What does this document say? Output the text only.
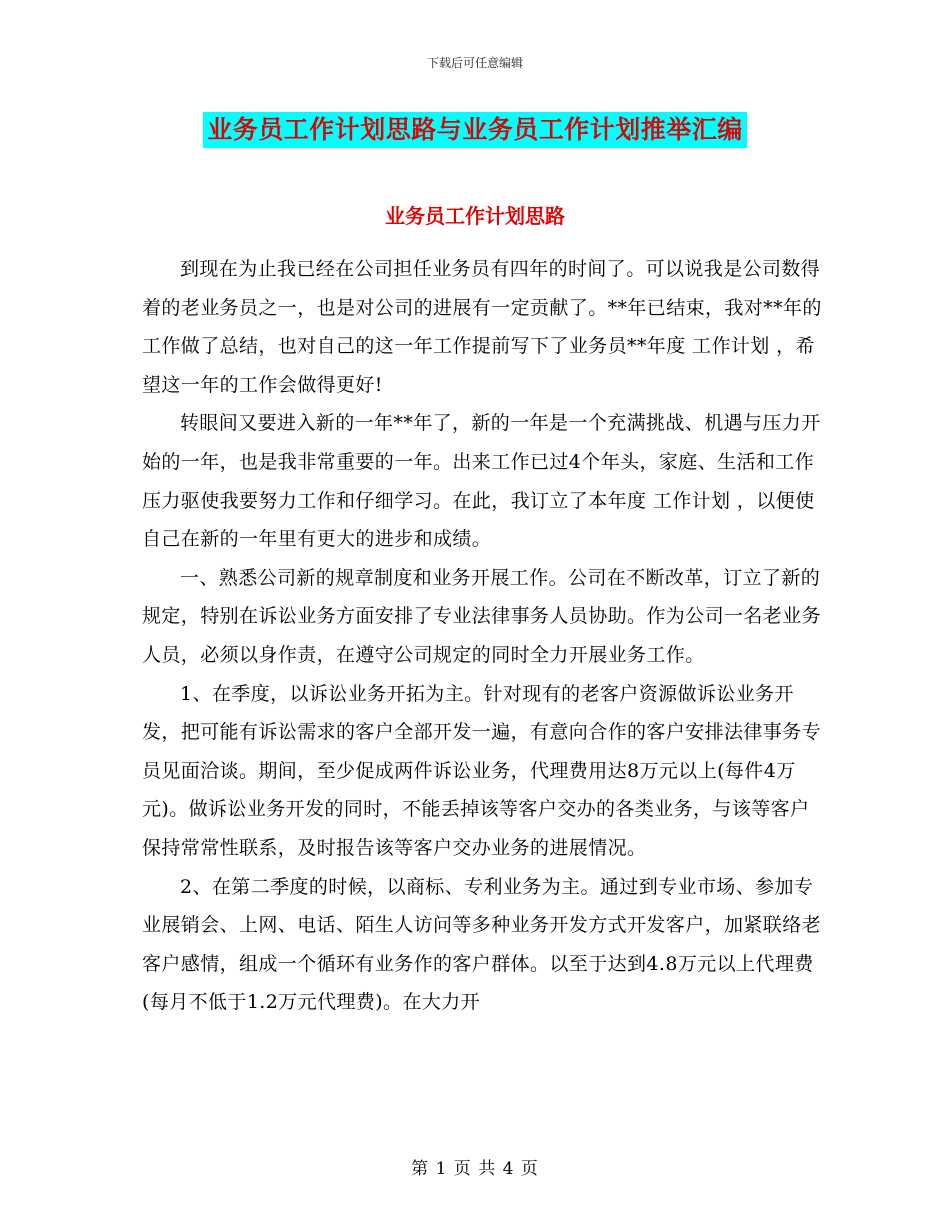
下载后可任意编辑
业务员工作计划思路与业务员工作计划推举汇编
业务员工作计划思路

到现在为止我已经在公司担任业务员有四年的时间了。可以说我是公司数得着的老业务员之一，也是对公司的进展有一定贡献了。**年已结束，我对**年的工作做了总结，也对自己的这一年工作提前写下了业务员**年度 工作计划 ，希望这一年的工作会做得更好!

转眼间又要进入新的一年**年了，新的一年是一个充满挑战、机遇与压力开始的一年，也是我非常重要的一年。出来工作已过4个年头，家庭、生活和工作压力驱使我要努力工作和仔细学习。在此，我订立了本年度 工作计划 ，以便使自己在新的一年里有更大的进步和成绩。

一、熟悉公司新的规章制度和业务开展工作。公司在不断改革，订立了新的规定，特别在诉讼业务方面安排了专业法律事务人员协助。作为公司一名老业务人员，必须以身作责，在遵守公司规定的同时全力开展业务工作。

1、在季度，以诉讼业务开拓为主。针对现有的老客户资源做诉讼业务开发，把可能有诉讼需求的客户全部开发一遍，有意向合作的客户安排法律事务专员见面洽谈。期间，至少促成两件诉讼业务，代理费用达8万元以上(每件4万元)。做诉讼业务开发的同时，不能丢掉该等客户交办的各类业务，与该等客户保持常常性联系，及时报告该等客户交办业务的进展情况。

2、在第二季度的时候，以商标、专利业务为主。通过到专业市场、参加专业展销会、上网、电话、陌生人访问等多种业务开发方式开发客户，加紧联络老客户感情，组成一个循环有业务作的客户群体。以至于达到4.8万元以上代理费(每月不低于1.2万元代理费)。在大力开

第 1 页 共 4 页
